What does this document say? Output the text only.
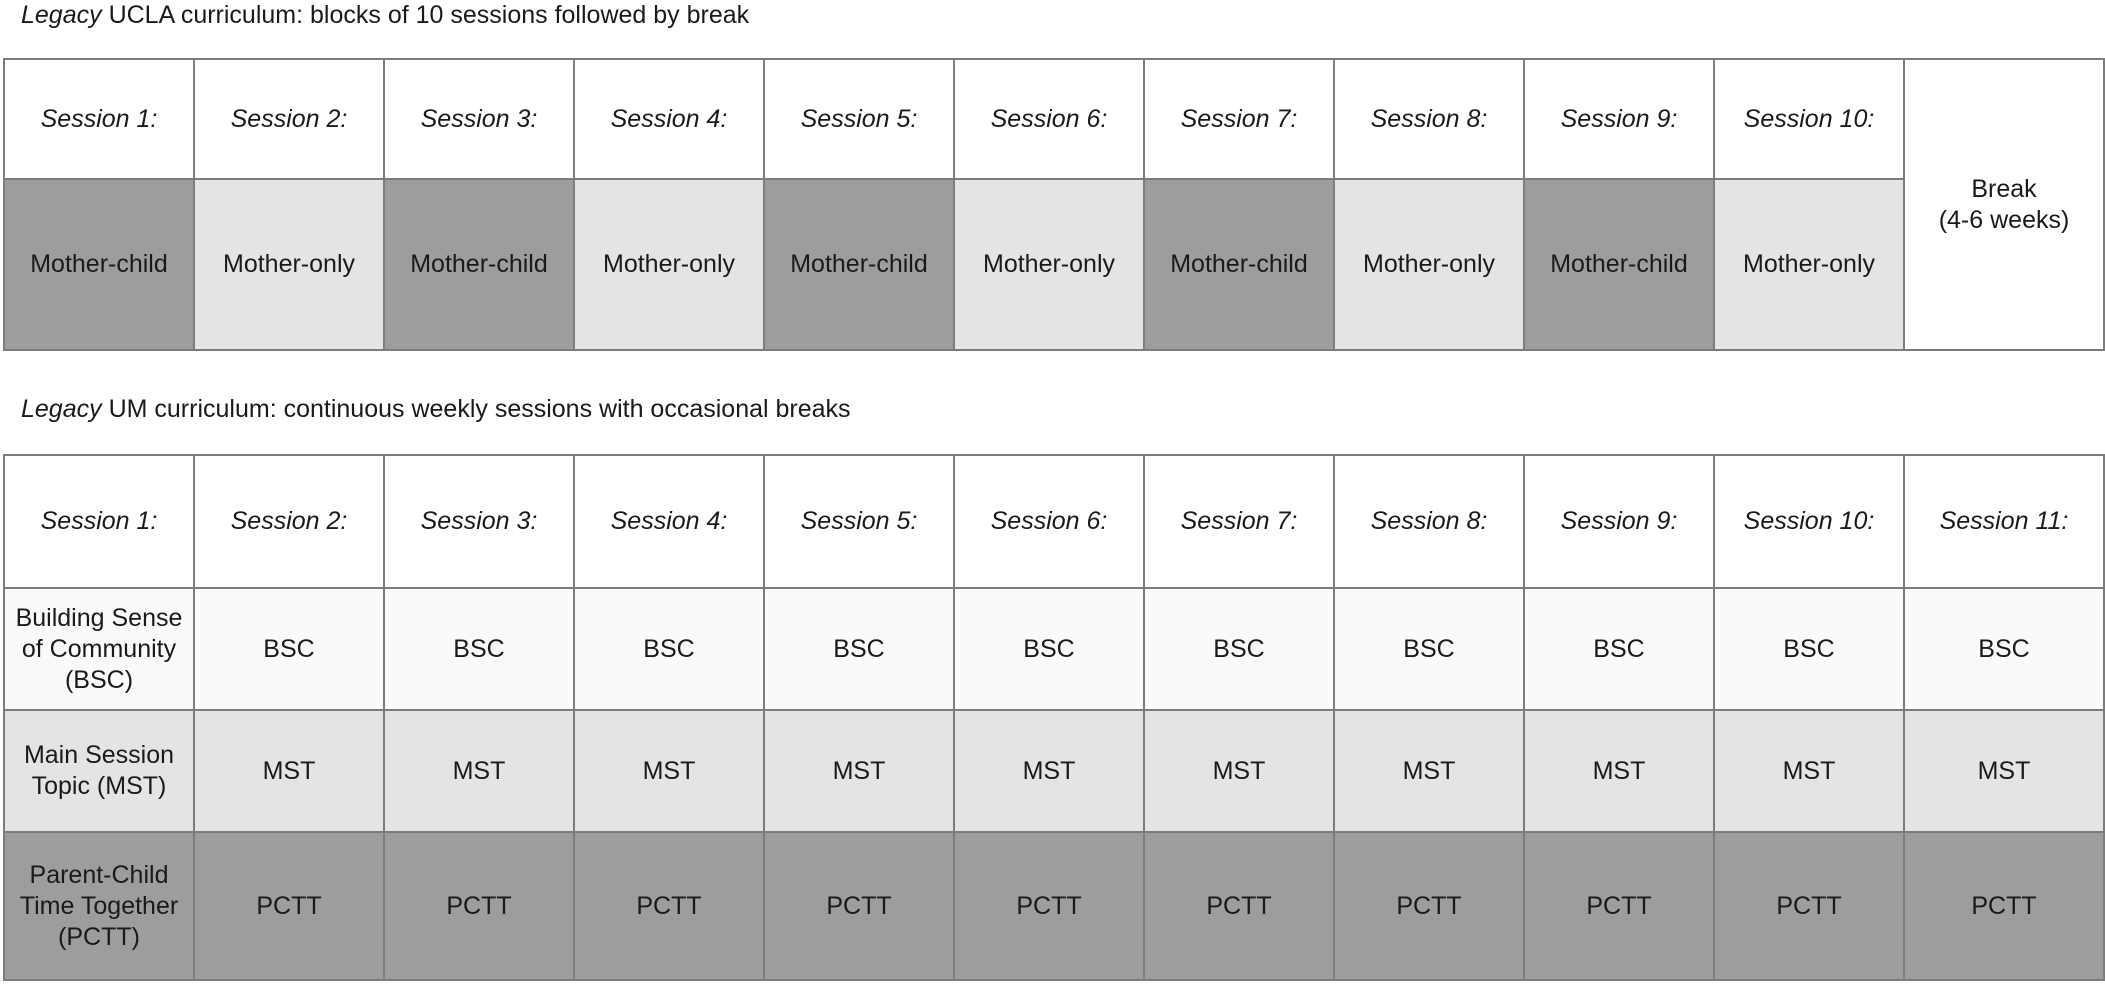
Legacy UCLA curriculum: blocks of 10 sessions followed by break
Session 1:	Session 2:	Session 3:	Session 4:	Session 5:	Session 6:	Session 7:	Session 8:	Session 9:	Session 10:	Break
(4-6 weeks)

Mother-child	Mother-only	Mother-child	Mother-only	Mother-child	Mother-only	Mother-child	Mother-only	Mother-child	Mother-only	
Legacy UM curriculum: continuous weekly sessions with occasional breaks
Session 1:	Session 2:	Session 3:	Session 4:	Session 5:	Session 6:	Session 7:	Session 8:	Session 9:	Session 10:	Session 11:
Building Sense of Community (BSC)	BSC	BSC	BSC	BSC	BSC	BSC	BSC	BSC	BSC	BSC
Main Session Topic (MST)	MST	MST	MST	MST	MST	MST	MST	MST	MST	MST
Parent-Child Time Together (PCTT)	PCTT	PCTT	PCTT	PCTT	PCTT	PCTT	PCTT	PCTT	PCTT	PCTT
